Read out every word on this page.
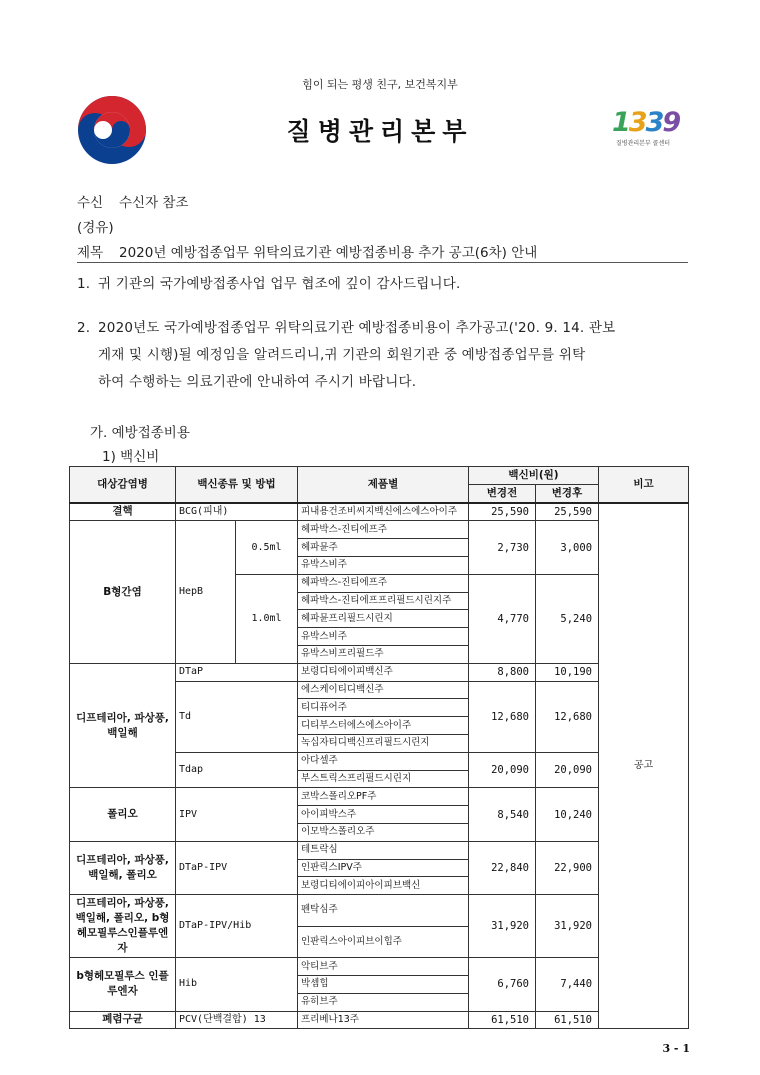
힘이 되는 평생 친구, 보건복지부
질병관리본부	1339
질병관리본부 콜센터
수신 수신자 참조
(경유)
제목 2020년 예방접종업무 위탁의료기관 예방접종비용 추가 공고(6차) 안내
1. 귀 기관의 국가예방접종사업 업무 협조에 깊이 감사드립니다.
2. 2020년도 국가예방접종업무 위탁의료기관 예방접종비용이 추가공고('20. 9. 14. 관보
게재 및 시행)될 예정임을 알려드리니,귀 기관의 회원기관 중 예방접종업무를 위탁
하여 수행하는 의료기관에 안내하여 주시기 바랍니다.
가. 예방접종비용
1) 백신비
대상감염병	백신종류 및 방법		제품별	백신비(원)		비고
				변경전	변경후	
결핵	BCG(피내)		피내용건조비씨지백신에스에스아이주	25,590	25,590	공고
B형간염	HepB	0.5ml	헤파박스-진티에프주	2,730	3,000	
			헤파뮨주			
			유박스비주			
		1.0ml	헤파박스-진티에프주	4,770	5,240	
			헤파박스-진티에프프리필드시린지주			
			헤파뮨프리필드시린지			
			유박스비주			
			유박스비프리필드주			
디프테리아, 파상풍, 백일해	DTaP		보령디티에이피백신주	8,800	10,190	
	Td		에스케이티디백신주	12,680	12,680	
			티디퓨어주			
			디티부스터에스에스아이주			
			녹십자티디백신프리필드시린지			
	Tdap		아다셀주	20,090	20,090	
			부스트릭스프리필드시린지			
폴리오	IPV		코박스폴리오PF주	8,540	10,240	
			아이피박스주			
			이모박스폴리오주			
디프테리아, 파상풍, 백일해, 폴리오	DTaP-IPV		테트락심	22,840	22,900	
			인판릭스IPV주			
			보령디티에이피아이피브백신			
디프테리아, 파상풍, 백일해, 폴리오, b형헤모필루스인플루엔자	DTaP-IPV/Hib		펜탁심주	31,920	31,920	
			인판릭스아이피브이힙주			
b형헤모필루스 인플루엔자	Hib		악티브주	6,760	7,440	
			박셈힙			
			유히브주			
폐렴구균	PCV(단백결합) 13		프리베나13주	61,510	61,510	
3 - 1
